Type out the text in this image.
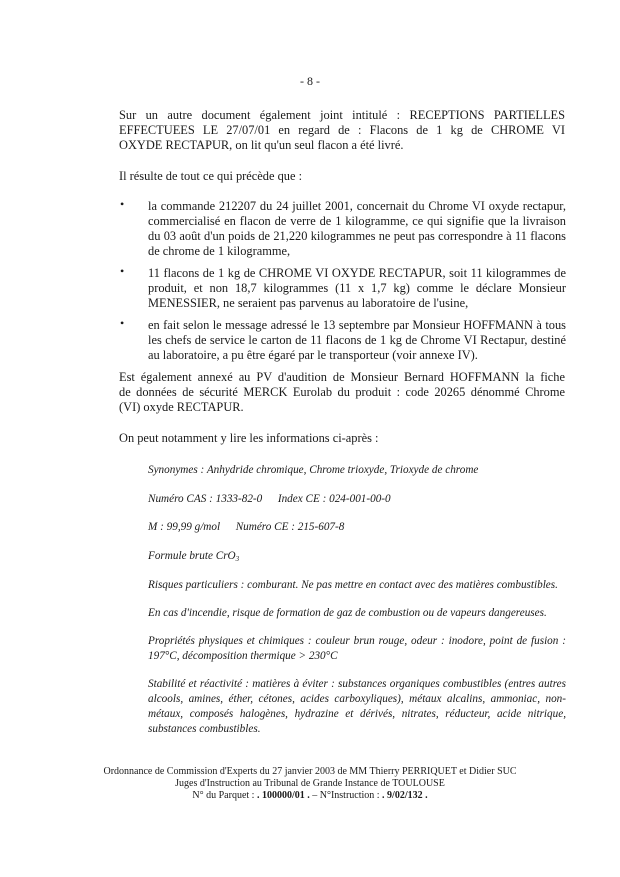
- 8 -
Sur un autre document également joint intitulé : RECEPTIONS PARTIELLES
EFFECTUEES LE 27/07/01 en regard de : Flacons de 1 kg de CHROME VI
OXYDE RECTAPUR, on lit qu'un seul flacon a été livré.
Il résulte de tout ce qui précède que :
• la commande 212207 du 24 juillet 2001, concernait du Chrome VI oxyde rectapur,
commercialisé en flacon de verre de 1 kilogramme, ce qui signifie que la livraison
du 03 août d'un poids de 21,220 kilogrammes ne peut pas correspondre à 11 flacons
de chrome de 1 kilogramme,
• 11 flacons de 1 kg de CHROME VI OXYDE RECTAPUR, soit 11 kilogrammes de
produit, et non 18,7 kilogrammes (11 x 1,7 kg) comme le déclare Monsieur
MENESSIER, ne seraient pas parvenus au laboratoire de l'usine,
• en fait selon le message adressé le 13 septembre par Monsieur HOFFMANN à tous
les chefs de service le carton de 11 flacons de 1 kg de Chrome VI Rectapur, destiné
au laboratoire, a pu être égaré par le transporteur (voir annexe IV).
Est également annexé au PV d'audition de Monsieur Bernard HOFFMANN la fiche
de données de sécurité MERCK Eurolab du produit : code 20265 dénommé Chrome
(VI) oxyde RECTAPUR.
On peut notamment y lire les informations ci-après :

Synonymes : Anhydride chromique, Chrome trioxyde, Trioxyde de chrome

Numéro CAS : 1333-82-0 Index CE : 024-001-00-0

M : 99,99 g/mol Numéro CE : 215-607-8

Formule brute CrO$_3$

Risques particuliers : comburant. Ne pas mettre en contact avec des matières combustibles.

En cas d'incendie, risque de formation de gaz de combustion ou de vapeurs dangereuses.

Propriétés physiques et chimiques : couleur brun rouge, odeur : inodore, point de fusion :
197°C, décomposition thermique > 230°C
Stabilité et réactivité : matières à éviter : substances organiques combustibles (entres autres
alcools, amines, éther, cétones, acides carboxyliques), métaux alcalins, ammoniac, non-
métaux, composés halogènes, hydrazine et dérivés, nitrates, réducteur, acide nitrique,
substances combustibles.
Ordonnance de Commission d'Experts du 27 janvier 2003 de MM Thierry PERRIQUET et Didier SUC
Juges d'Instruction au Tribunal de Grande Instance de TOULOUSE
N° du Parquet : . 100000/01 . – N°Instruction : . 9/02/132 .
